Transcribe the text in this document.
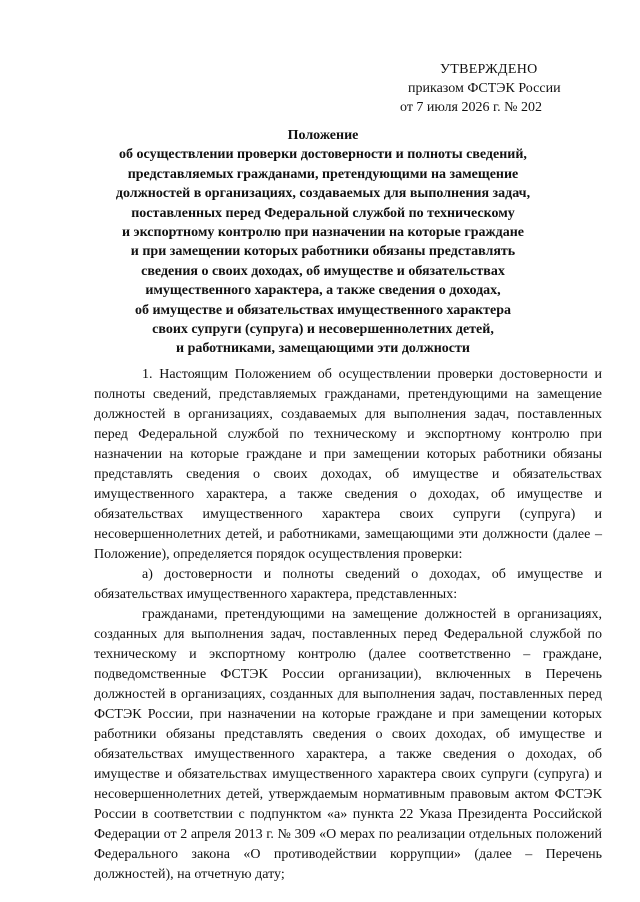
УТВЕРЖДЕНО
приказом ФСТЭК России
от 7 июля 2026 г. № 202
Положение
об осуществлении проверки достоверности и полноты сведений,
представляемых гражданами, претендующими на замещение
должностей в организациях, создаваемых для выполнения задач,
поставленных перед Федеральной службой по техническому
и экспортному контролю при назначении на которые граждане
и при замещении которых работники обязаны представлять
сведения о своих доходах, об имуществе и обязательствах
имущественного характера, а также сведения о доходах,
об имуществе и обязательствах имущественного характера
своих супруги (супруга) и несовершеннолетних детей,
и работниками, замещающими эти должности

1. Настоящим Положением об осуществлении проверки достоверности и полноты сведений, представляемых гражданами, претендующими на замещение должностей в организациях, создаваемых для выполнения задач, поставленных перед Федеральной службой по техническому и экспортному контролю при назначении на которые граждане и при замещении которых работники обязаны представлять сведения о своих доходах, об имуществе и обязательствах имущественного характера, а также сведения о доходах, об имуществе и обязательствах имущественного характера своих супруги (супруга) и несовершеннолетних детей, и работниками, замещающими эти должности (далее – Положение), определяется порядок осуществления проверки:

а) достоверности и полноты сведений о доходах, об имуществе и обязательствах имущественного характера, представленных:

гражданами, претендующими на замещение должностей в организациях, созданных для выполнения задач, поставленных перед Федеральной службой по техническому и экспортному контролю (далее соответственно – граждане, подведомственные ФСТЭК России организации), включенных в Перечень должностей в организациях, созданных для выполнения задач, поставленных перед ФСТЭК России, при назначении на которые граждане и при замещении которых работники обязаны представлять сведения о своих доходах, об имуществе и обязательствах имущественного характера, а также сведения о доходах, об имуществе и обязательствах имущественного характера своих супруги (супруга) и несовершеннолетних детей, утверждаемым нормативным правовым актом ФСТЭК России в соответствии с подпунктом «а» пункта 22 Указа Президента Российской Федерации от 2 апреля 2013 г. № 309 «О мерах по реализации отдельных положений Федерального закона «О противодействии коррупции» (далее – Перечень должностей), на отчетную дату;
